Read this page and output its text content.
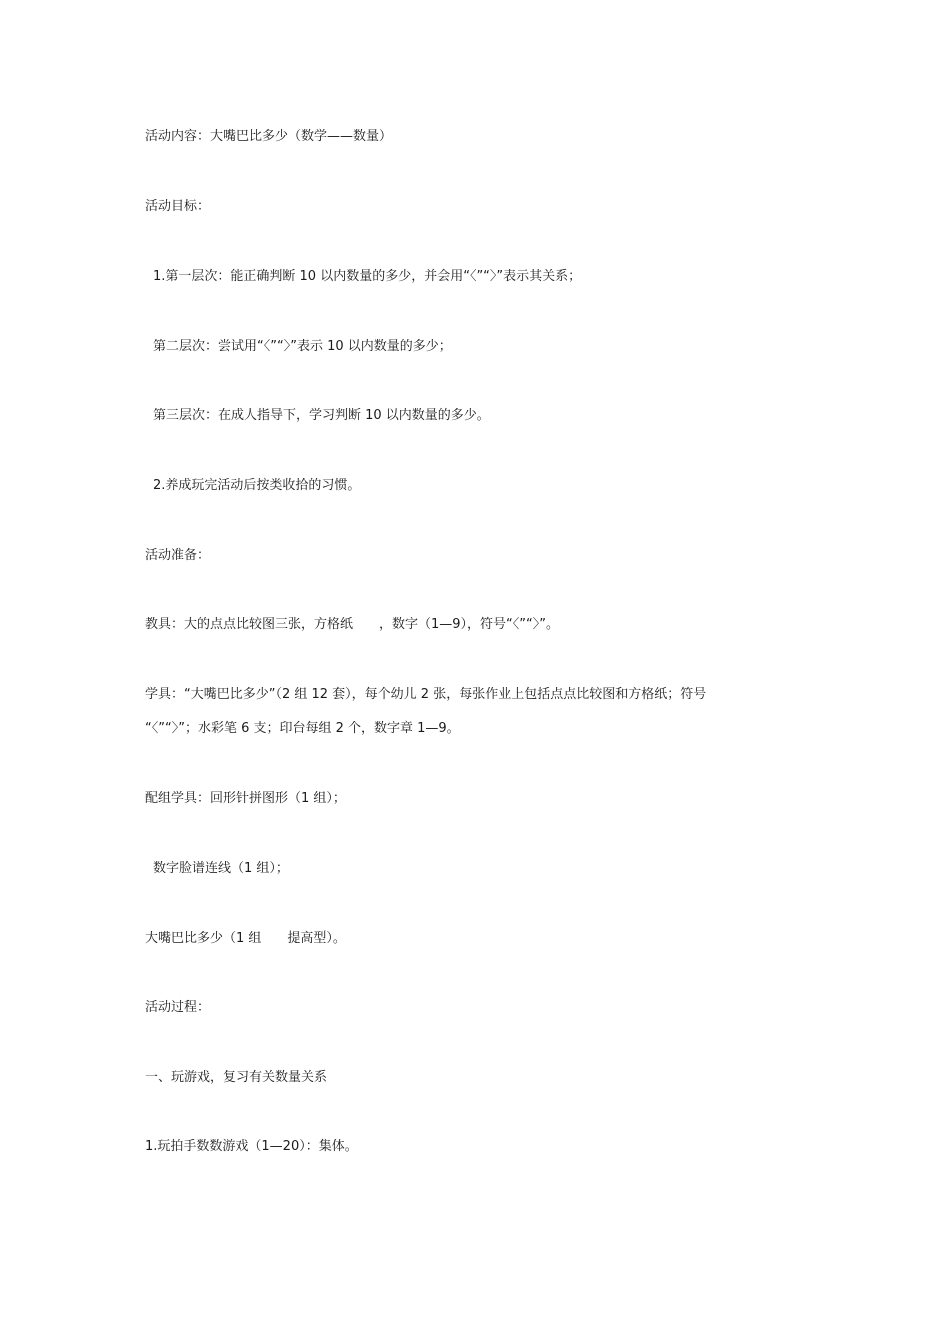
活动内容：大嘴巴比多少（数学——数量）
活动目标：
1.第一层次：能正确判断 10 以内数量的多少，并会用“〈”“〉”表示其关系；
第二层次：尝试用“〈”“〉”表示 10 以内数量的多少；
第三层次：在成人指导下，学习判断 10 以内数量的多少。
2.养成玩完活动后按类收拾的习惯。
活动准备：
教具：大的点点比较图三张，方格纸　　，数字（1—9），符号“〈”“〉”。
学具：“大嘴巴比多少”（2 组 12 套），每个幼儿 2 张，每张作业上包括点点比较图和方格纸；符号
“〈”“〉”；水彩笔 6 支；印台每组 2 个，数字章 1—9。
配组学具：回形针拼图形（1 组）；
数字脸谱连线（1 组）；
大嘴巴比多少（1 组　　提高型）。
活动过程：
一、玩游戏，复习有关数量关系
1.玩拍手数数游戏（1—20）：集体。
